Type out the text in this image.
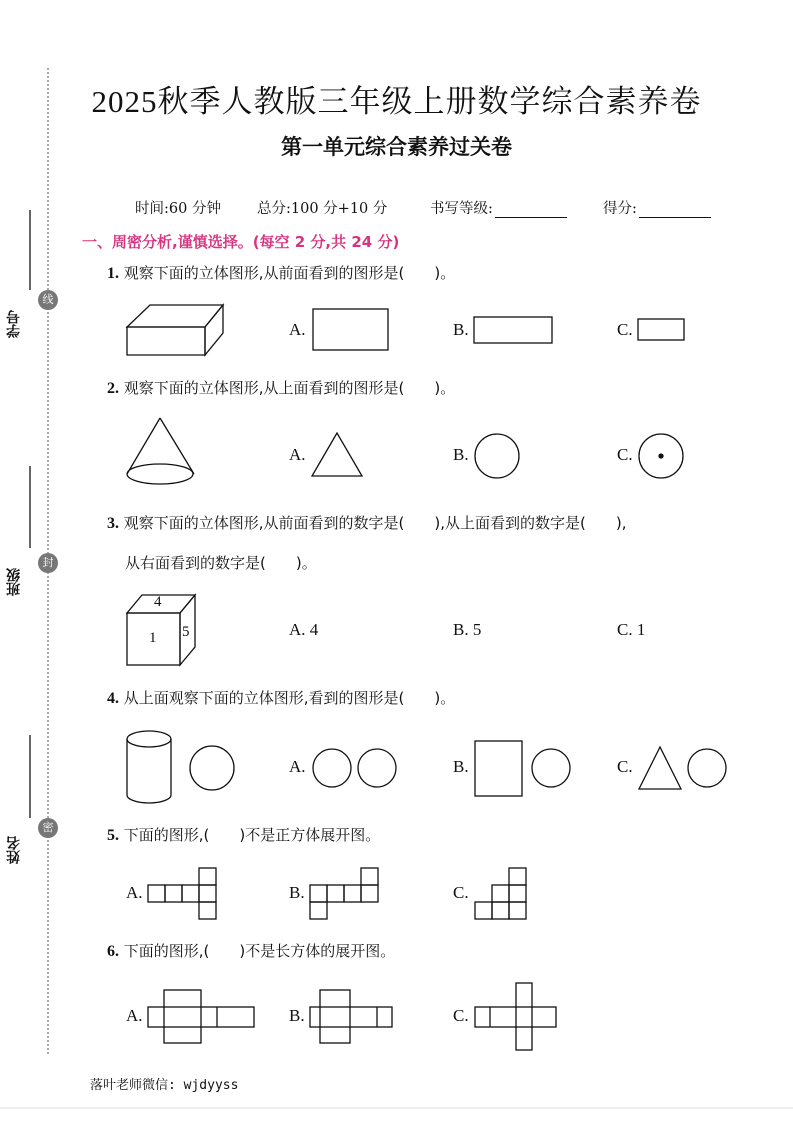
学号
班级
姓名
线
封
密
2025秋季人教版三年级上册数学综合素养卷
第一单元综合素养过关卷
时间:60 分钟 总分:100 分+10 分	书写等级:	得分:
一、周密分析,谨慎选择。(每空 2 分,共 24 分)
1. 观察下面的立体图形,从前面看到的图形是(　　)。
A.	B.	C.
2. 观察下面的立体图形,从上面看到的图形是(　　)。
A.	B.	C.
3. 观察下面的立体图形,从前面看到的数字是(　　),从上面看到的数字是(　　),
从右面看到的数字是(　　)。
4
1 5	A. 4	B. 5	C. 1
4. 从上面观察下面的立体图形,看到的图形是(　　)。
A.	B.	C.
5. 下面的图形,(　　)不是正方体展开图。
A.	B.	C.
6. 下面的图形,(　　)不是长方体的展开图。
A.	B.	C.
落叶老师微信: wjdyyss
